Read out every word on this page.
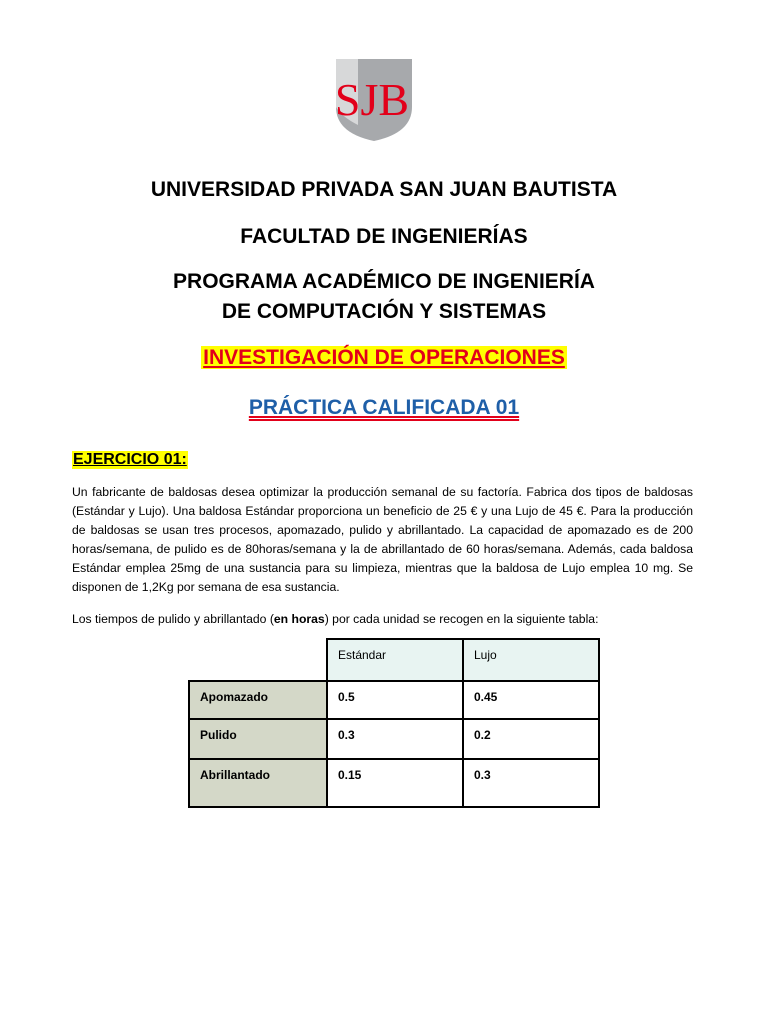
SJB
UNIVERSIDAD PRIVADA SAN JUAN BAUTISTA
FACULTAD DE INGENIERÍAS
PROGRAMA ACADÉMICO DE INGENIERÍA
DE COMPUTACIÓN Y SISTEMAS
INVESTIGACIÓN DE OPERACIONES
PRÁCTICA CALIFICADA 01
EJERCICIO 01:
Un fabricante de baldosas desea optimizar la producción semanal de su factoría. Fabrica dos tipos de baldosas (Estándar y Lujo). Una baldosa Estándar proporciona un beneficio de 25 € y una Lujo de 45 €. Para la producción de baldosas se usan tres procesos, apomazado, pulido y abrillantado. La capacidad de apomazado es de 200 horas/semana, de pulido es de 80horas/semana y la de abrillantado de 60 horas/semana. Además, cada baldosa Estándar emplea 25mg de una sustancia para su limpieza, mientras que la baldosa de Lujo emplea 10 mg. Se disponen de 1,2Kg por semana de esa sustancia.
Los tiempos de pulido y abrillantado (en horas) por cada unidad se recogen en la siguiente tabla:
	Estándar	Lujo
Apomazado	0.5	0.45
Pulido	0.3	0.2
Abrillantado	0.15	0.3
